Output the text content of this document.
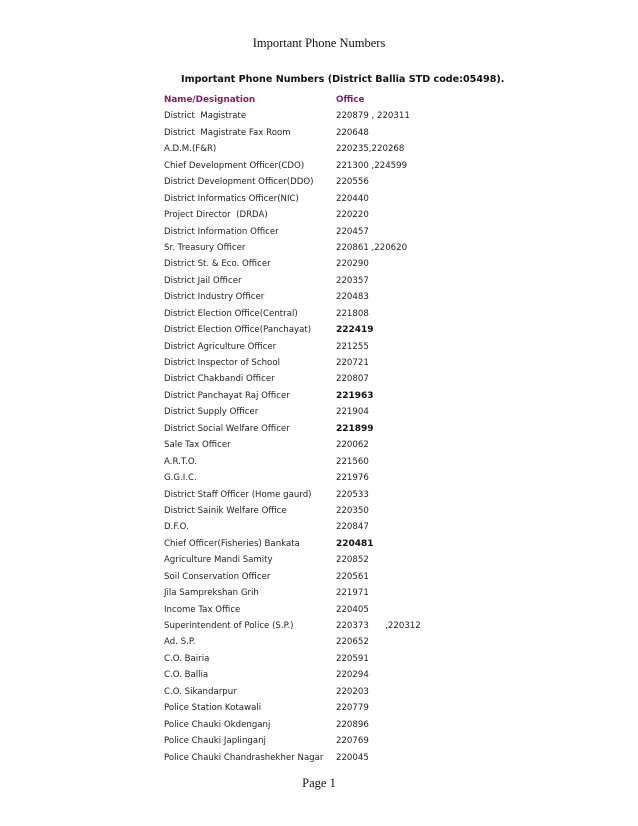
Important Phone Numbers
Important Phone Numbers (District Ballia STD code:05498).
Name/Designation	Office
District  Magistrate	220879 , 220311
District  Magistrate Fax Room	220648
A.D.M.(F&R)	220235,220268
Chief Development Officer(CDO)	221300 ,224599
District Development Officer(DDO)	220556
District Informatics Officer(NIC)	220440
Project Director  (DRDA)	220220
District Information Officer	220457
Sr. Treasury Officer	220861 ,220620
District St. & Eco. Officer	220290
District Jail Officer	220357
District Industry Officer	220483
District Election Office(Central)	221808
District Election Office(Panchayat)	222419
District Agriculture Officer	221255
District Inspector of School	220721
District Chakbandi Officer	220807
District Panchayat Raj Officer	221963
District Supply Officer	221904
District Social Welfare Officer	221899
Sale Tax Officer	220062
A.R.T.O.	221560
G.G.I.C.	221976
District Staff Officer (Home gaurd)	220533
District Sainik Welfare Office	220350
D.F.O.	220847
Chief Officer(Fisheries) Bankata	220481
Agriculture Mandi Samity	220852
Soil Conservation Officer	220561
Jila Samprekshan Grih	221971
Income Tax Office	220405
Superintendent of Police (S.P.)	220373      ,220312
Ad. S.P.	220652
C.O. Bairia	220591
C.O. Ballia	220294
C.O. Sikandarpur	220203
Police Station Kotawali	220779
Police Chauki Okdenganj	220896
Police Chauki Japlinganj	220769
Police Chauki Chandrashekher Nagar 220045
Page 1
